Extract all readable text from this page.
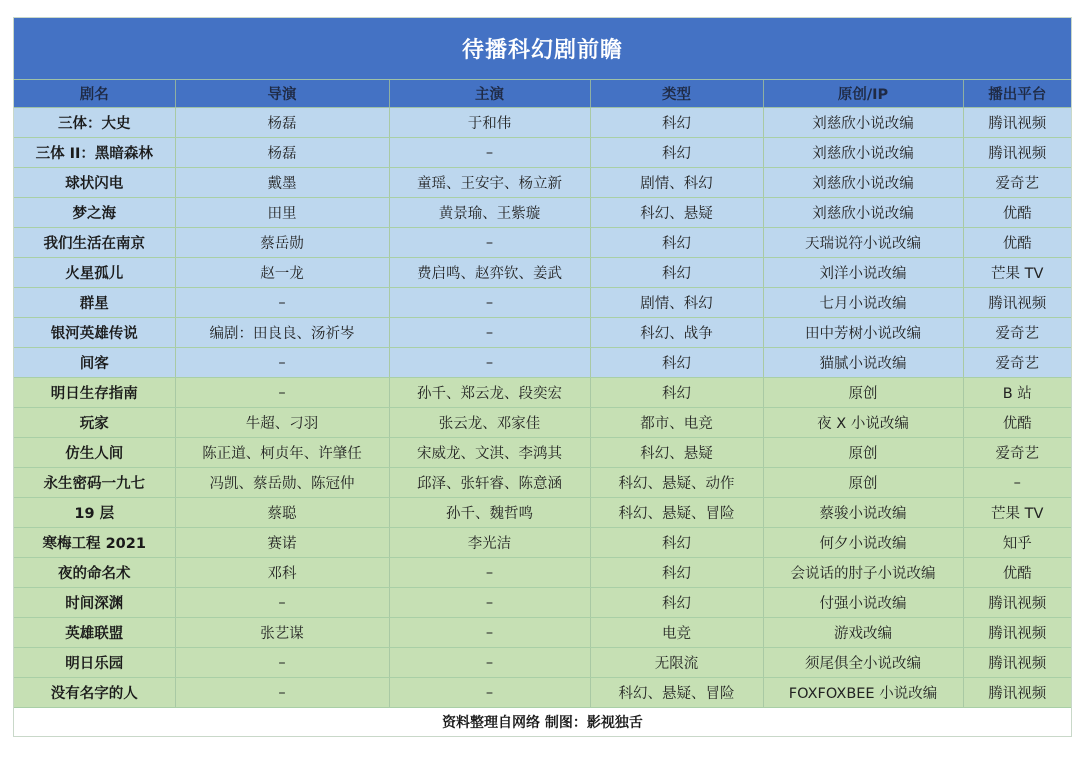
待播科幻剧前瞻
剧名	导演	主演	类型	原创/IP	播出平台
三体：大史	杨磊	于和伟	科幻	刘慈欣小说改编	腾讯视频
三体 II：黑暗森林	杨磊	–	科幻	刘慈欣小说改编	腾讯视频
球状闪电	戴墨	童瑶、王安宇、杨立新	剧情、科幻	刘慈欣小说改编	爱奇艺
梦之海	田里	黄景瑜、王紫璇	科幻、悬疑	刘慈欣小说改编	优酷
我们生活在南京	蔡岳勋	–	科幻	天瑞说符小说改编	优酷
火星孤儿	赵一龙	费启鸣、赵弈钦、姜武	科幻	刘洋小说改编	芒果 TV
群星	–	–	剧情、科幻	七月小说改编	腾讯视频
银河英雄传说	编剧：田良良、汤祈岑	–	科幻、战争	田中芳树小说改编	爱奇艺
间客	–	–	科幻	猫腻小说改编	爱奇艺
明日生存指南	–	孙千、郑云龙、段奕宏	科幻	原创	B 站
玩家	牛超、刁羽	张云龙、邓家佳	都市、电竞	夜 X 小说改编	优酷
仿生人间	陈正道、柯贞年、许肇任	宋威龙、文淇、李鸿其	科幻、悬疑	原创	爱奇艺
永生密码一九七	冯凯、蔡岳勋、陈冠仲	邱泽、张轩睿、陈意涵	科幻、悬疑、动作	原创	–
19 层	蔡聪	孙千、魏哲鸣	科幻、悬疑、冒险	蔡骏小说改编	芒果 TV
寒梅工程 2021	赛诺	李光洁	科幻	何夕小说改编	知乎
夜的命名术	邓科	–	科幻	会说话的肘子小说改编	优酷
时间深渊	–	–	科幻	付强小说改编	腾讯视频
英雄联盟	张艺谋	–	电竞	游戏改编	腾讯视频
明日乐园	–	–	无限流	须尾俱全小说改编	腾讯视频
没有名字的人	–	–	科幻、悬疑、冒险	FOXFOXBEE 小说改编	腾讯视频
资料整理自网络 制图：影视独舌
